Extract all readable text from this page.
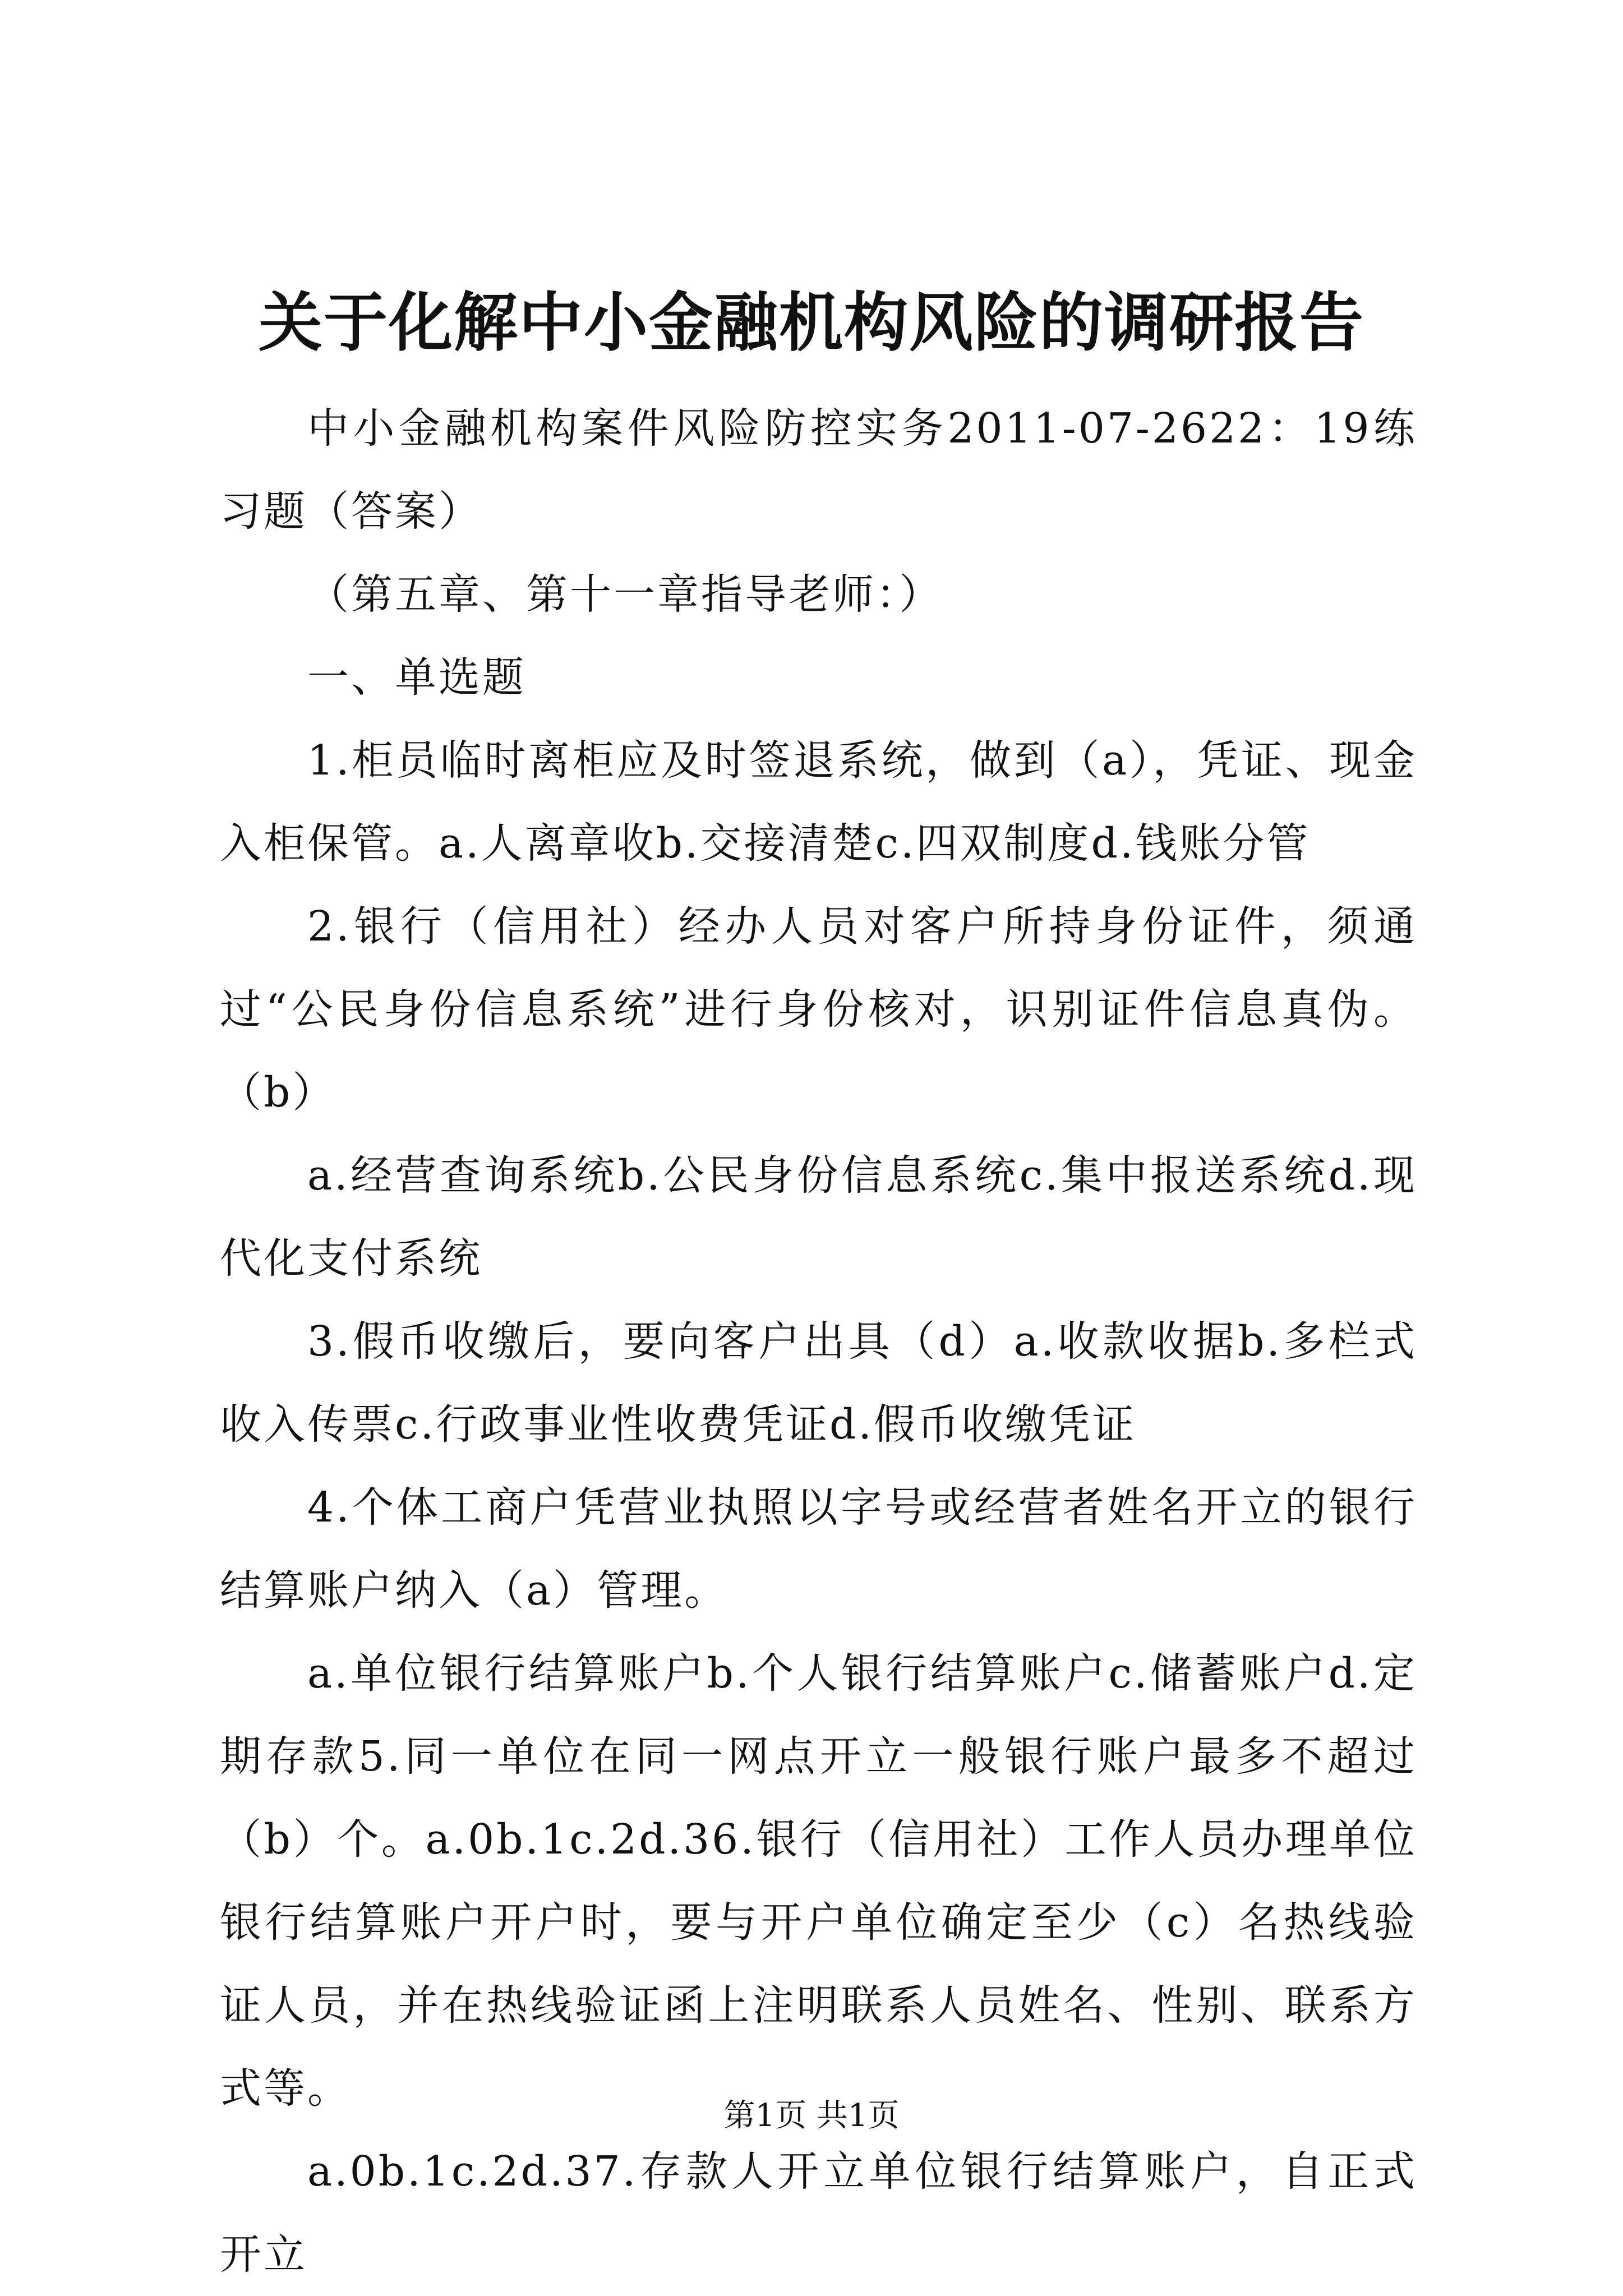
关于化解中小金融机构风险的调研报告

中小金融机构案件风险防控实务2011-07-2622：19练习题（答案）

（第五章、第十一章指导老师：）

一、单选题

1.柜员临时离柜应及时签退系统，做到（a），凭证、现金入柜保管。a.人离章收b.交接清楚c.四双制度d.钱账分管

2.银行（信用社）经办人员对客户所持身份证件，须通过“公民身份信息系统”进行身份核对，识别证件信息真伪。（b）

a.经营查询系统b.公民身份信息系统c.集中报送系统d.现代化支付系统

3.假币收缴后，要向客户出具（d）a.收款收据b.多栏式收入传票c.行政事业性收费凭证d.假币收缴凭证

4.个体工商户凭营业执照以字号或经营者姓名开立的银行结算账户纳入（a）管理。

a.单位银行结算账户b.个人银行结算账户c.储蓄账户d.定期存款5.同一单位在同一网点开立一般银行账户最多不超过（b）个。a.0b.1c.2d.36.银行（信用社）工作人员办理单位银行结算账户开户时，要与开户单位确定至少（c）名热线验证人员，并在热线验证函上注明联系人员姓名、性别、联系方式等。

a.0b.1c.2d.37.存款人开立单位银行结算账户，自正式开立

第1页 共1页
